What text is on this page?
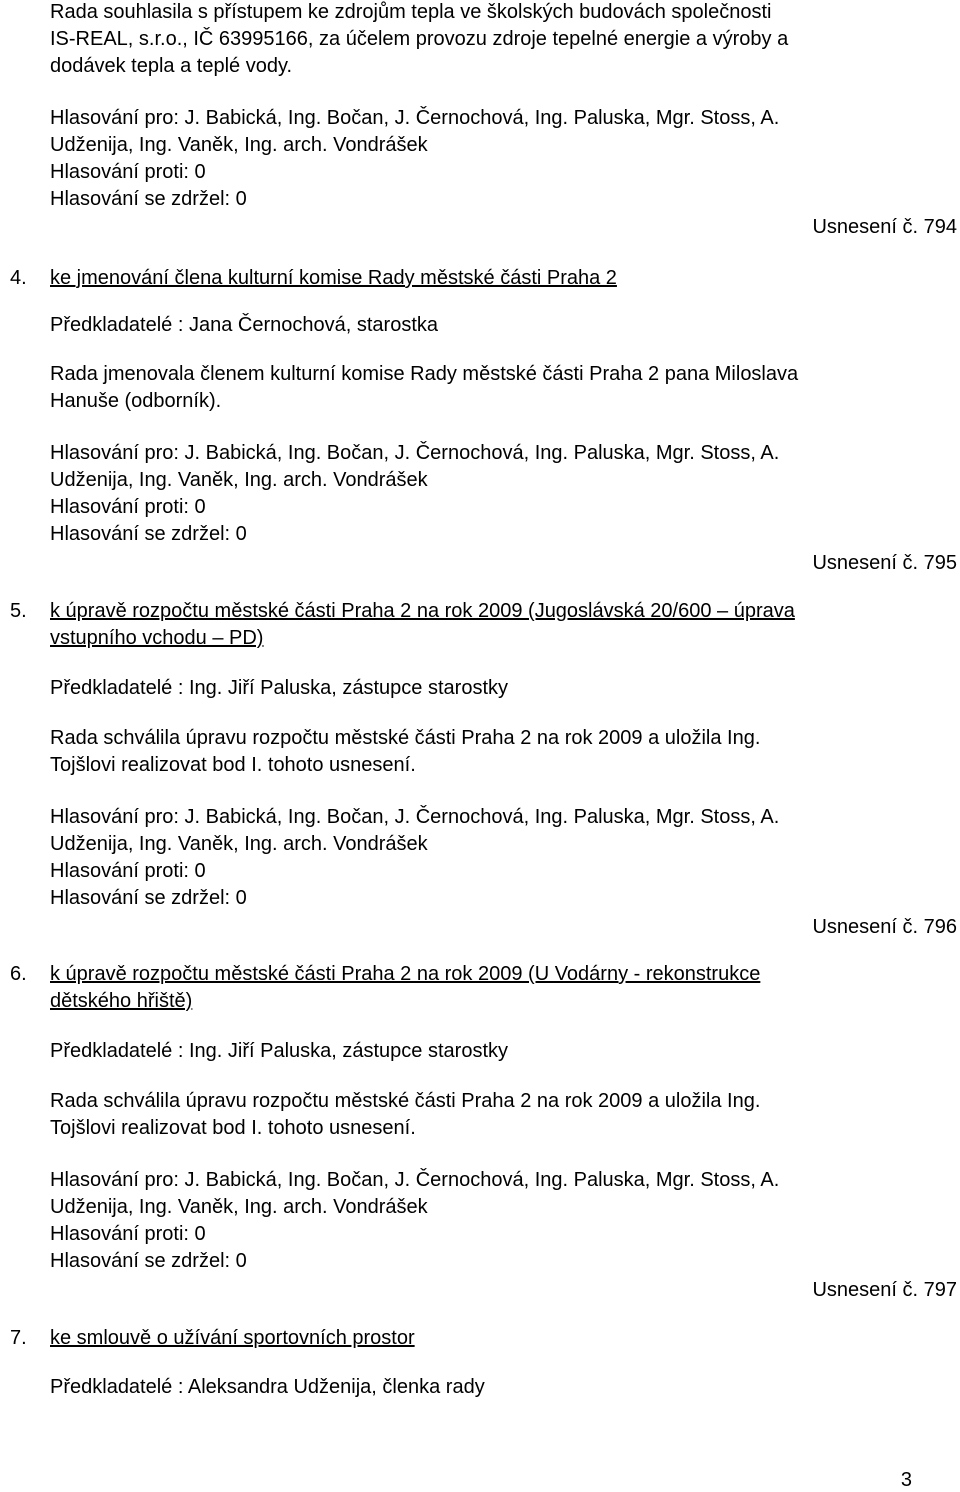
Rada souhlasila s přístupem ke zdrojům tepla ve školských budovách společnosti
IS-REAL, s.r.o., IČ 63995166, za účelem provozu zdroje tepelné energie a výroby a
dodávek tepla a teplé vody.
Hlasování pro: J. Babická, Ing. Bočan, J. Černochová, Ing. Paluska, Mgr. Stoss, A.
Udženija, Ing. Vaněk, Ing. arch. Vondrášek
Hlasování proti: 0
Hlasování se zdržel: 0
Usnesení č. 794
4. ke jmenování člena kulturní komise Rady městské části Praha 2
Předkladatelé : Jana Černochová, starostka
Rada jmenovala členem kulturní komise Rady městské části Praha 2 pana Miloslava
Hanuše (odborník).
Hlasování pro: J. Babická, Ing. Bočan, J. Černochová, Ing. Paluska, Mgr. Stoss, A.
Udženija, Ing. Vaněk, Ing. arch. Vondrášek
Hlasování proti: 0
Hlasování se zdržel: 0
Usnesení č. 795
5. k úpravě rozpočtu městské části Praha 2 na rok 2009 (Jugoslávská 20/600 – úprava
vstupního vchodu – PD)
Předkladatelé : Ing. Jiří Paluska, zástupce starostky
Rada schválila úpravu rozpočtu městské části Praha 2 na rok 2009 a uložila Ing.
Tojšlovi realizovat bod I. tohoto usnesení.
Hlasování pro: J. Babická, Ing. Bočan, J. Černochová, Ing. Paluska, Mgr. Stoss, A.
Udženija, Ing. Vaněk, Ing. arch. Vondrášek
Hlasování proti: 0
Hlasování se zdržel: 0
Usnesení č. 796
6. k úpravě rozpočtu městské části Praha 2 na rok 2009 (U Vodárny - rekonstrukce
dětského hřiště)
Předkladatelé : Ing. Jiří Paluska, zástupce starostky
Rada schválila úpravu rozpočtu městské části Praha 2 na rok 2009 a uložila Ing.
Tojšlovi realizovat bod I. tohoto usnesení.
Hlasování pro: J. Babická, Ing. Bočan, J. Černochová, Ing. Paluska, Mgr. Stoss, A.
Udženija, Ing. Vaněk, Ing. arch. Vondrášek
Hlasování proti: 0
Hlasování se zdržel: 0
Usnesení č. 797
7. ke smlouvě o užívání sportovních prostor
Předkladatelé : Aleksandra Udženija, členka rady
3
